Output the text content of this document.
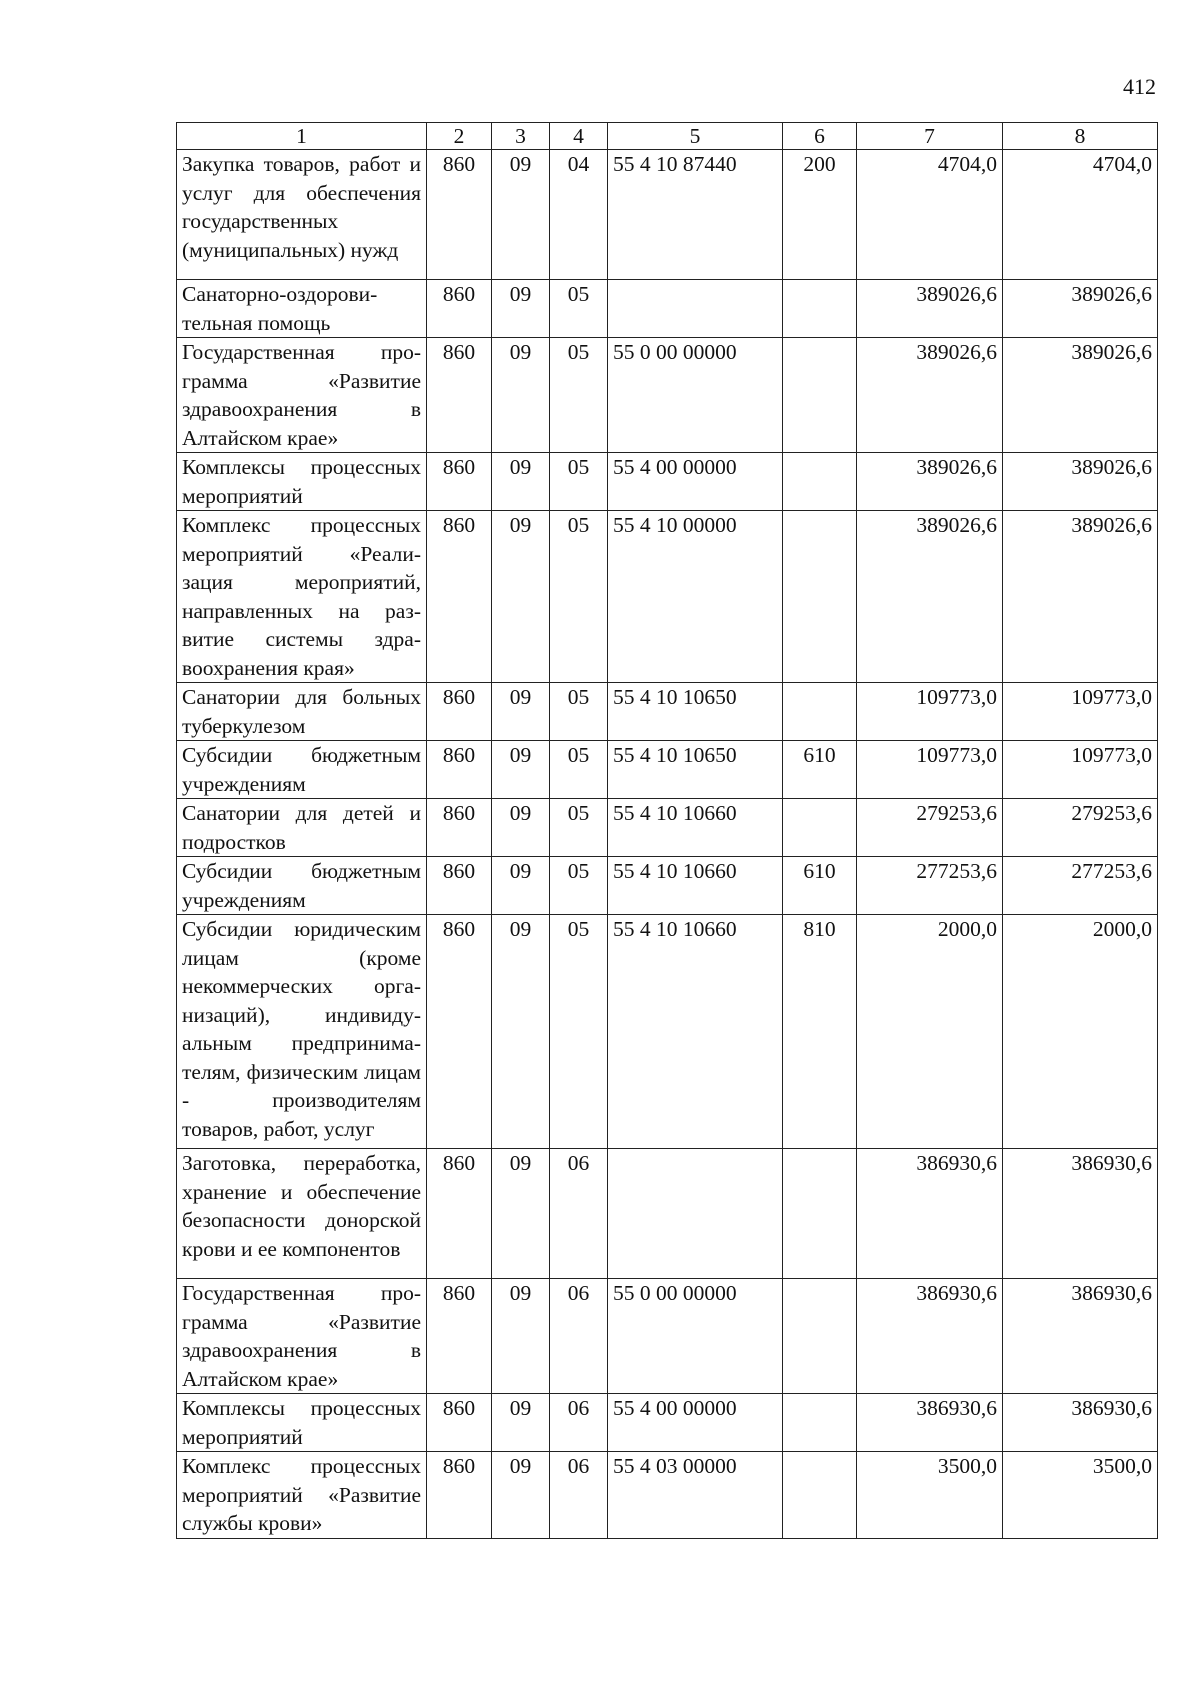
412
1	2	3	4	5	6	7	8
Закупка товаров, работ и услуг для обеспечения государственных (муниципальных) нужд	860	09	04	55 4 10 87440	200	4704,0	4704,0
Санаторно-оздоровительная помощь	860	09	05			389026,6	389026,6
Государственная программа «Развитие здравоохранения в Алтайском крае»	860	09	05	55 0 00 00000		389026,6	389026,6
Комплексы процессных мероприятий	860	09	05	55 4 00 00000		389026,6	389026,6
Комплекс процессных мероприятий «Реализация мероприятий, направленных на развитие системы здравоохранения края»	860	09	05	55 4 10 00000		389026,6	389026,6
Санатории для больных туберкулезом	860	09	05	55 4 10 10650		109773,0	109773,0
Субсидии бюджетным учреждениям	860	09	05	55 4 10 10650	610	109773,0	109773,0
Санатории для детей и подростков	860	09	05	55 4 10 10660		279253,6	279253,6
Субсидии бюджетным учреждениям	860	09	05	55 4 10 10660	610	277253,6	277253,6
Субсидии юридическим лицам (кроме некоммерческих организаций), индивидуальным предпринимателям, физическим лицам - производителям товаров, работ, услуг	860	09	05	55 4 10 10660	810	2000,0	2000,0
Заготовка, переработка, хранение и обеспечение безопасности донорской крови и ее компонентов	860	09	06			386930,6	386930,6
Государственная программа «Развитие здравоохранения в Алтайском крае»	860	09	06	55 0 00 00000		386930,6	386930,6
Комплексы процессных мероприятий	860	09	06	55 4 00 00000		386930,6	386930,6
Комплекс процессных мероприятий «Развитие службы крови»	860	09	06	55 4 03 00000		3500,0	3500,0
